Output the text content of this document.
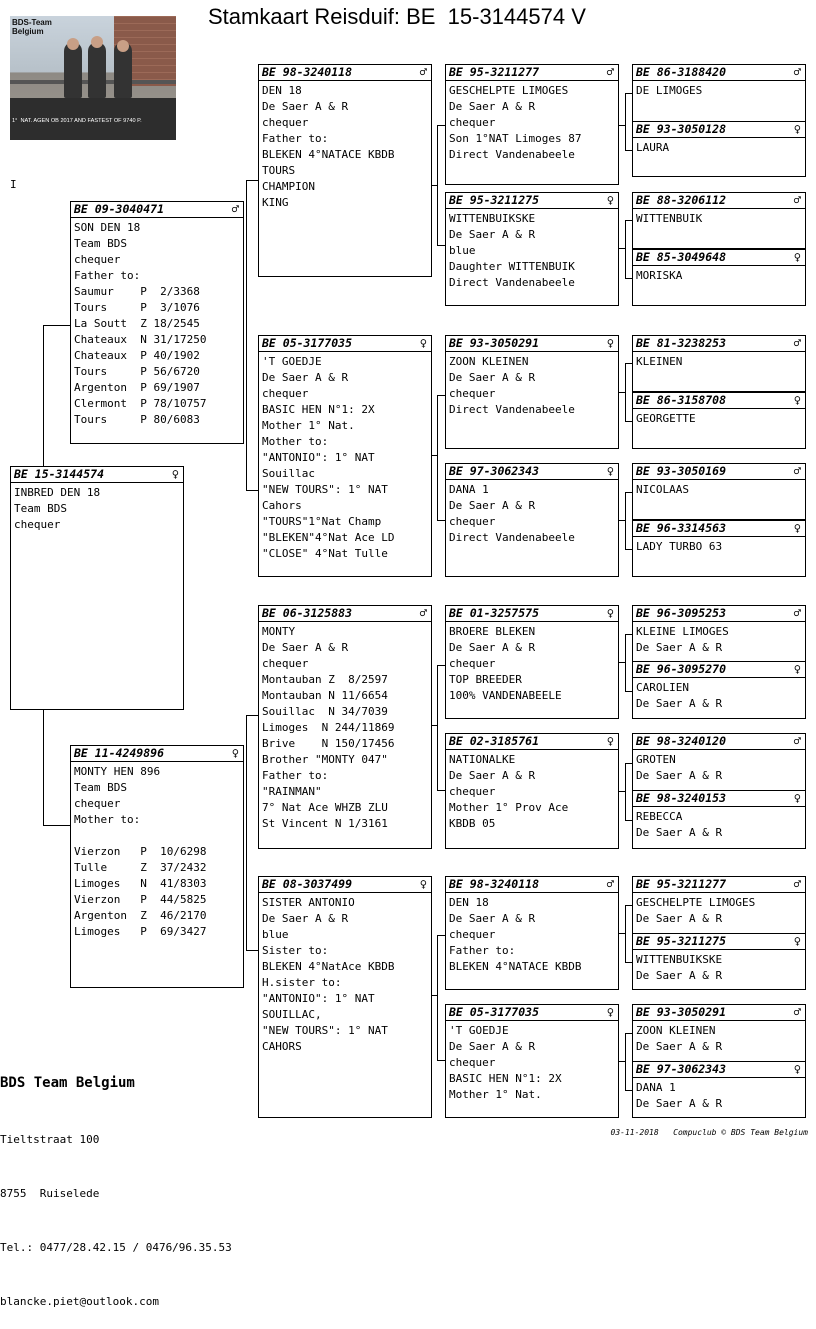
Stamkaart Reisduif: BE  15-3144574 V
BDS-Team
Belgium

1°  NAT. AGEN OB 2017 AND FASTEST OF 9740 P.

I
BE 15-3144574	♀
INBRED DEN 18
Team BDS
chequer
BE 09-3040471	♂
SON DEN 18
Team BDS
chequer
Father to:
Saumur    P  2/3368
Tours     P  3/1076
La Soutt  Z 18/2545
Chateaux  N 31/17250
Chateaux  P 40/1902
Tours     P 56/6720
Argenton  P 69/1907
Clermont  P 78/10757
Tours     P 80/6083
BE 11-4249896	♀
MONTY HEN 896
Team BDS
chequer
Mother to:
Vierzon   P  10/6298
Tulle     Z  37/2432
Limoges   N  41/8303
Vierzon   P  44/5825
Argenton  Z  46/2170
Limoges   P  69/3427
BE 98-3240118	♂
DEN 18
De Saer A & R
chequer
Father to:
BLEKEN 4°NATACE KBDB
TOURS
CHAMPION
KING
BE 05-3177035	♀
'T GOEDJE
De Saer A & R
chequer
BASIC HEN N°1: 2X
Mother 1° Nat.
Mother to:
"ANTONIO": 1° NAT
Souillac
"NEW TOURS": 1° NAT
Cahors
"TOURS"1°Nat Champ
"BLEKEN"4°Nat Ace LD
"CLOSE" 4°Nat Tulle
BE 06-3125883	♂
MONTY
De Saer A & R
chequer
Montauban Z  8/2597
Montauban N 11/6654
Souillac  N 34/7039
Limoges  N 244/11869
Brive    N 150/17456
Brother "MONTY 047"
Father to:
"RAINMAN"
7° Nat Ace WHZB ZLU
St Vincent N 1/3161
BE 08-3037499	♀
SISTER ANTONIO
De Saer A & R
blue
Sister to:
BLEKEN 4°NatAce KBDB
H.sister to:
"ANTONIO": 1° NAT
SOUILLAC,
"NEW TOURS": 1° NAT
CAHORS
BE 95-3211277	♂
GESCHELPTE LIMOGES
De Saer A & R
chequer
Son 1°NAT Limoges 87
Direct Vandenabeele
BE 95-3211275	♀
WITTENBUIKSKE
De Saer A & R
blue
Daughter WITTENBUIK
Direct Vandenabeele
BE 93-3050291	♀
ZOON KLEINEN
De Saer A & R
chequer
Direct Vandenabeele
BE 97-3062343	♀
DANA 1
De Saer A & R
chequer
Direct Vandenabeele
BE 01-3257575	♀
BROERE BLEKEN
De Saer A & R
chequer
TOP BREEDER
100% VANDENABEELE
BE 02-3185761	♀
NATIONALKE
De Saer A & R
chequer
Mother 1° Prov Ace
KBDB 05
BE 98-3240118	♂
DEN 18
De Saer A & R
chequer
Father to:
BLEKEN 4°NATACE KBDB
BE 05-3177035	♀
'T GOEDJE
De Saer A & R
chequer
BASIC HEN N°1: 2X
Mother 1° Nat.
BE 86-3188420	♂
DE LIMOGES
BE 93-3050128	♀
LAURA
BE 88-3206112	♂
WITTENBUIK
BE 85-3049648	♀
MORISKA
BE 81-3238253	♂
KLEINEN
BE 86-3158708	♀
GEORGETTE
BE 93-3050169	♂
NICOLAAS
BE 96-3314563	♀
LADY TURBO 63
BE 96-3095253	♂
KLEINE LIMOGES
De Saer A & R
BE 96-3095270	♀
CAROLIEN
De Saer A & R
BE 98-3240120	♂
GROTEN
De Saer A & R
BE 98-3240153	♀
REBECCA
De Saer A & R
BE 95-3211277	♂
GESCHELPTE LIMOGES
De Saer A & R
BE 95-3211275	♀
WITTENBUIKSKE
De Saer A & R
BE 93-3050291	♂
ZOON KLEINEN
De Saer A & R
BE 97-3062343	♀
DANA 1
De Saer A & R

BDS Team Belgium

Tieltstraat 100

8755  Ruiselede

Tel.: 0477/28.42.15 / 0476/96.35.53

blancke.piet@outlook.com

03-11-2018   Compuclub © BDS Team Belgium
